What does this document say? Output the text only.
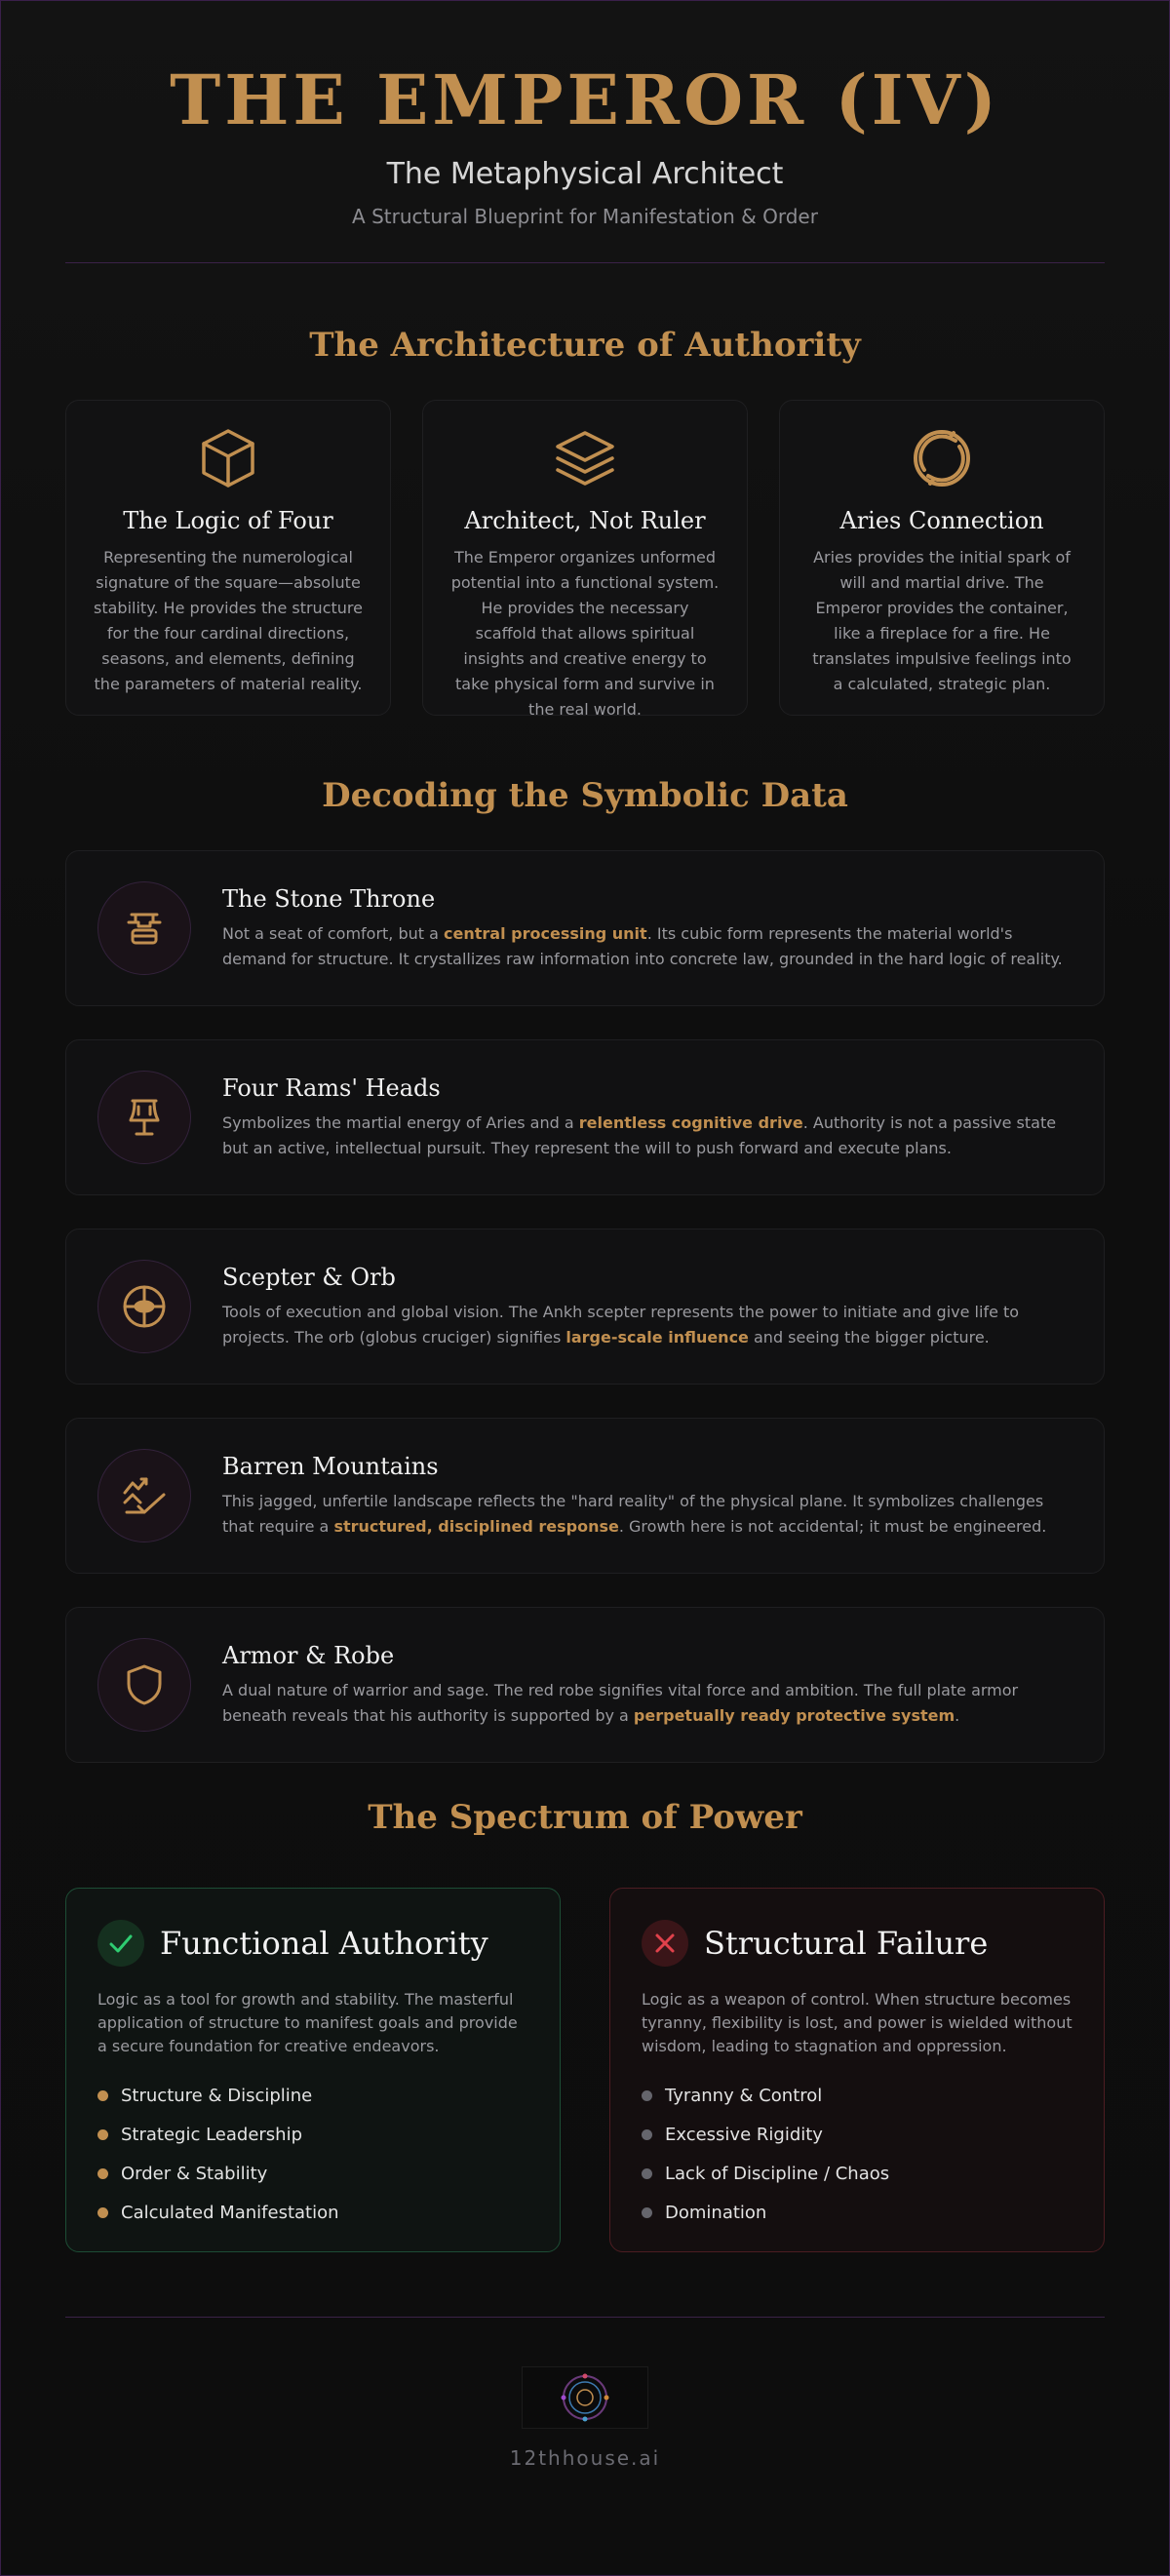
THE EMPEROR (IV)
The Metaphysical Architect
A Structural Blueprint for Manifestation & Order
The Architecture of Authority
The Logic of Four

Representing the numerological signature of the square—absolute stability. He provides the structure for the four cardinal directions, seasons, and elements, defining the parameters of material reality.

Architect, Not Ruler

The Emperor organizes unformed potential into a functional system. He provides the necessary scaffold that allows spiritual insights and creative energy to take physical form and survive in the real world.

Aries Connection

Aries provides the initial spark of will and martial drive. The Emperor provides the container, like a fireplace for a fire. He translates impulsive feelings into a calculated, strategic plan.

Decoding the Symbolic Data
The Stone Throne

Not a seat of comfort, but a central processing unit. Its cubic form represents the material world's demand for structure. It crystallizes raw information into concrete law, grounded in the hard logic of reality.

Four Rams' Heads

Symbolizes the martial energy of Aries and a relentless cognitive drive. Authority is not a passive state but an active, intellectual pursuit. They represent the will to push forward and execute plans.

Scepter & Orb

Tools of execution and global vision. The Ankh scepter represents the power to initiate and give life to projects. The orb (globus cruciger) signifies large-scale influence and seeing the bigger picture.

Barren Mountains

This jagged, unfertile landscape reflects the "hard reality" of the physical plane. It symbolizes challenges that require a structured, disciplined response. Growth here is not accidental; it must be engineered.

Armor & Robe

A dual nature of warrior and sage. The red robe signifies vital force and ambition. The full plate armor beneath reveals that his authority is supported by a perpetually ready protective system.

The Spectrum of Power
Functional Authority

Logic as a tool for growth and stability. The masterful application of structure to manifest goals and provide a secure foundation for creative endeavors.

Structure & Discipline
Strategic Leadership
Order & Stability
Calculated Manifestation
Structural Failure

Logic as a weapon of control. When structure becomes tyranny, flexibility is lost, and power is wielded without wisdom, leading to stagnation and oppression.

Tyranny & Control
Excessive Rigidity
Lack of Discipline / Chaos
Domination
12thhouse.ai
